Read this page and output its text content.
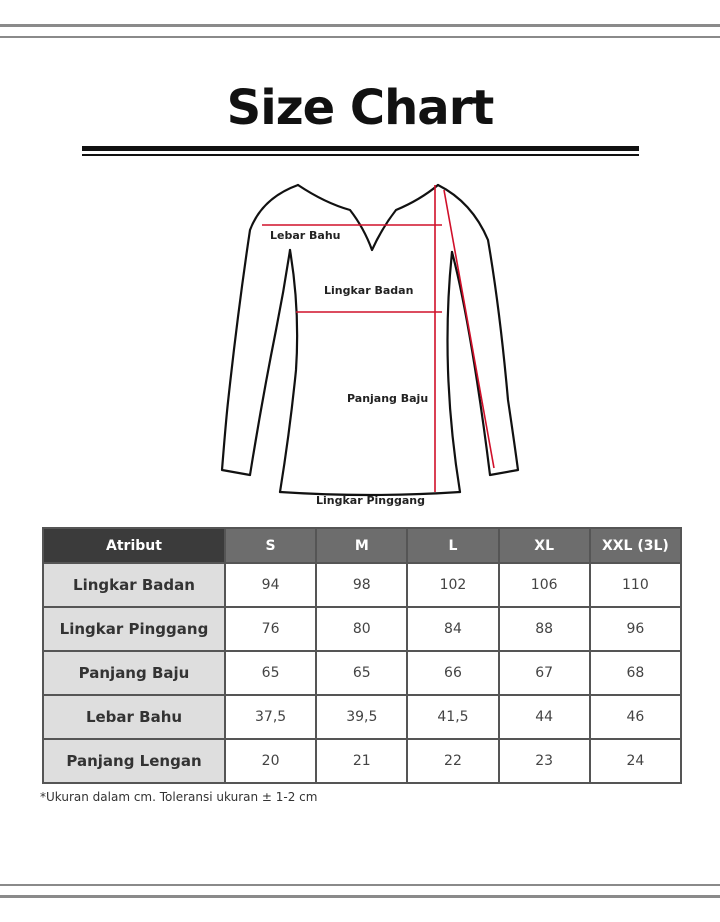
Size Chart
Lebar Bahu
Lingkar Badan
Panjang Baju
Lingkar Pinggang
Atribut	S	M	L	XL	XXL (3L)
Lingkar Badan	94	98	102	106	110
Lingkar Pinggang	76	80	84	88	96
Panjang Baju	65	65	66	67	68
Lebar Bahu	37,5	39,5	41,5	44	46
Panjang Lengan	20	21	22	23	24
*Ukuran dalam cm. Toleransi ukuran ± 1-2 cm
